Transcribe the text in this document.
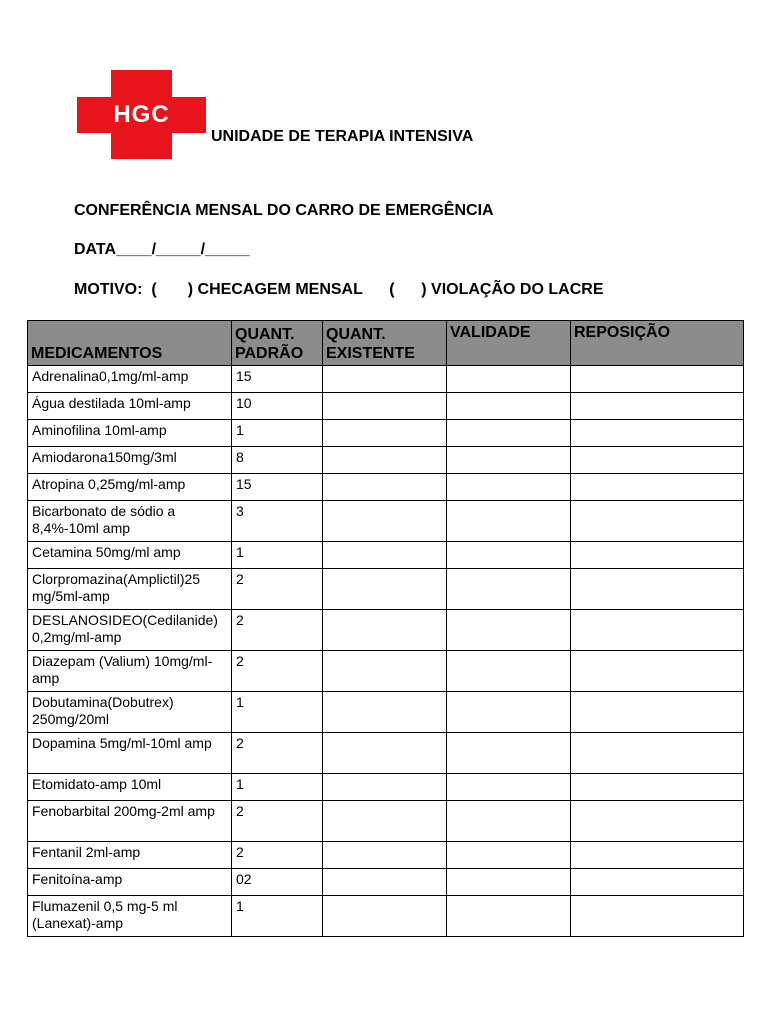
HGC
UNIDADE DE TERAPIA INTENSIVA
CONFERÊNCIA MENSAL DO CARRO DE EMERGÊNCIA
DATA____/_____/_____
MOTIVO:  (       ) CHECAGEM MENSAL      (      ) VIOLAÇÃO DO LACRE
MEDICAMENTOS	QUANT. PADRÃO	QUANT. EXISTENTE	VALIDADE	REPOSIÇÃO
Adrenalina0,1mg/ml-amp	15			
Água destilada 10ml-amp	10			
Aminofilina 10ml-amp	1			
Amiodarona150mg/3ml	8			
Atropina 0,25mg/ml-amp	15			
Bicarbonato de sódio a 8,4%-10ml amp	3			
Cetamina 50mg/ml amp	1			
Clorpromazina(Amplictil)25 mg/5ml-amp	2			
DESLANOSIDEO(Cedilanide)0,2mg/ml-amp	2			
Diazepam (Valium) 10mg/ml-amp	2			
Dobutamina(Dobutrex) 250mg/20ml	1			
Dopamina 5mg/ml-10ml amp	2			
Etomidato-amp 10ml	1			
Fenobarbital 200mg-2ml amp	2			
Fentanil 2ml-amp	2			
Fenitoína-amp	02			
Flumazenil 0,5 mg-5 ml (Lanexat)-amp	1			
